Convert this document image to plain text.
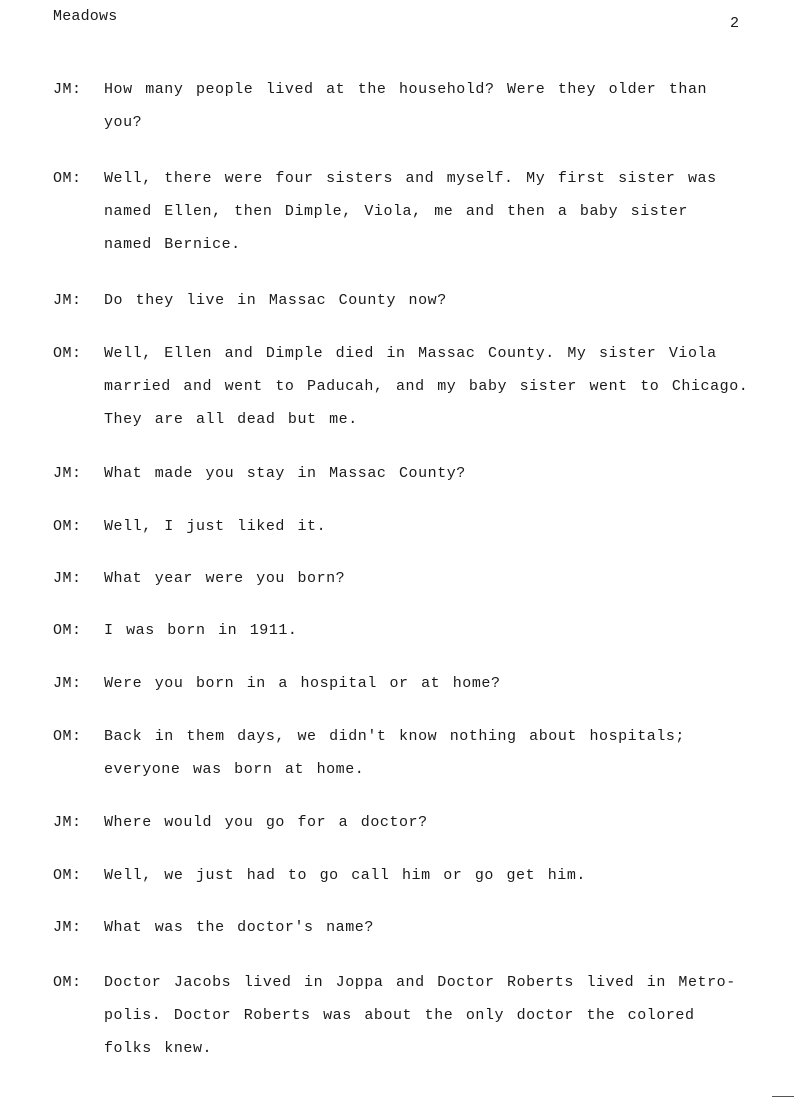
Meadows	2
JM: How many people lived at the household? Were they older than
you?
OM: Well, there were four sisters and myself. My first sister was
named Ellen, then Dimple, Viola, me and then a baby sister
named Bernice.
JM: Do they live in Massac County now?
OM: Well, Ellen and Dimple died in Massac County. My sister Viola
married and went to Paducah, and my baby sister went to Chicago.
They are all dead but me.
JM: What made you stay in Massac County?
OM: Well, I just liked it.
JM: What year were you born?
OM: I was born in 1911.
JM: Were you born in a hospital or at home?
OM: Back in them days, we didn't know nothing about hospitals;
everyone was born at home.
JM: Where would you go for a doctor?
OM: Well, we just had to go call him or go get him.
JM: What was the doctor's name?
OM: Doctor Jacobs lived in Joppa and Doctor Roberts lived in Metro-
polis. Doctor Roberts was about the only doctor the colored
folks knew.
